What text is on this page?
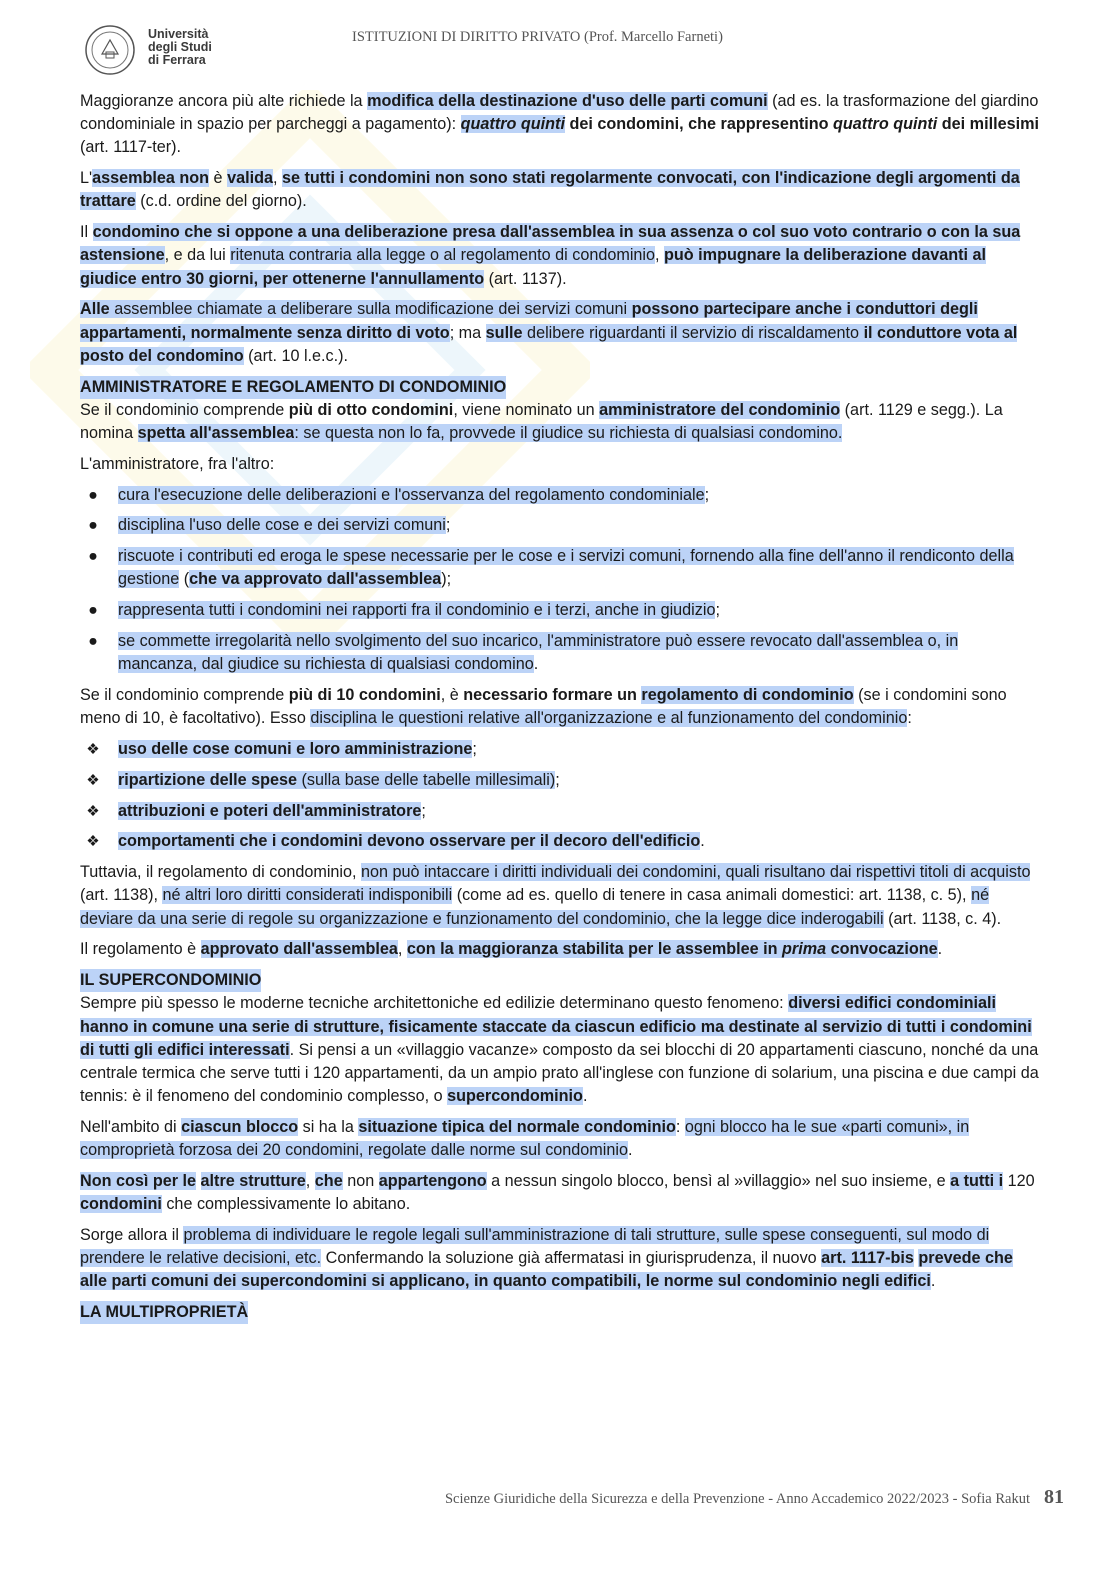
Università
degli Studi
di Ferrara
ISTITUZIONI DI DIRITTO PRIVATO (Prof. Marcello Farneti)

Maggioranze ancora più alte richiede la modifica della destinazione d'uso delle parti comuni (ad es. la trasformazione del giardino condominiale in spazio per parcheggi a pagamento): quattro quinti dei condomini, che rappresentino quattro quinti dei millesimi (art. 1117-ter).

L'assemblea non è valida, se tutti i condomini non sono stati regolarmente convocati, con l'indicazione degli argomenti da trattare (c.d. ordine del giorno).

Il condomino che si oppone a una deliberazione presa dall'assemblea in sua assenza o col suo voto contrario o con la sua astensione, e da lui ritenuta contraria alla legge o al regolamento di condominio, può impugnare la deliberazione davanti al giudice entro 30 giorni, per ottenerne l'annullamento (art. 1137).

Alle assemblee chiamate a deliberare sulla modificazione dei servizi comuni possono partecipare anche i conduttori degli appartamenti, normalmente senza diritto di voto; ma sulle delibere riguardanti il servizio di riscaldamento il conduttore vota al posto del condomino (art. 10 l.e.c.).

AMMINISTRATORE E REGOLAMENTO DI CONDOMINIO

Se il condominio comprende più di otto condomini, viene nominato un amministratore del condominio (art. 1129 e segg.). La nomina spetta all'assemblea: se questa non lo fa, provvede il giudice su richiesta di qualsiasi condomino.

L'amministratore, fra l'altro:

● cura l'esecuzione delle deliberazioni e l'osservanza del regolamento condominiale;
● disciplina l'uso delle cose e dei servizi comuni;
● riscuote i contributi ed eroga le spese necessarie per le cose e i servizi comuni, fornendo alla fine dell'anno il rendiconto della gestione (che va approvato dall'assemblea);
● rappresenta tutti i condomini nei rapporti fra il condominio e i terzi, anche in giudizio;
● se commette irregolarità nello svolgimento del suo incarico, l'amministratore può essere revocato dall'assemblea o, in mancanza, dal giudice su richiesta di qualsiasi condomino.

Se il condominio comprende più di 10 condomini, è necessario formare un regolamento di condominio (se i condomini sono meno di 10, è facoltativo). Esso disciplina le questioni relative all'organizzazione e al funzionamento del condominio:

❖ uso delle cose comuni e loro amministrazione;
❖ ripartizione delle spese (sulla base delle tabelle millesimali);
❖ attribuzioni e poteri dell'amministratore;
❖ comportamenti che i condomini devono osservare per il decoro dell'edificio.

Tuttavia, il regolamento di condominio, non può intaccare i diritti individuali dei condomini, quali risultano dai rispettivi titoli di acquisto (art. 1138), né altri loro diritti considerati indisponibili (come ad es. quello di tenere in casa animali domestici: art. 1138, c. 5), né deviare da una serie di regole su organizzazione e funzionamento del condominio, che la legge dice inderogabili (art. 1138, c. 4).

Il regolamento è approvato dall'assemblea, con la maggioranza stabilita per le assemblee in prima convocazione.

IL SUPERCONDOMINIO

Sempre più spesso le moderne tecniche architettoniche ed edilizie determinano questo fenomeno: diversi edifici condominiali hanno in comune una serie di strutture, fisicamente staccate da ciascun edificio ma destinate al servizio di tutti i condomini di tutti gli edifici interessati. Si pensi a un «villaggio vacanze» composto da sei blocchi di 20 appartamenti ciascuno, nonché da una centrale termica che serve tutti i 120 appartamenti, da un ampio prato all'inglese con funzione di solarium, una piscina e due campi da tennis: è il fenomeno del condominio complesso, o supercondominio.

Nell'ambito di ciascun blocco si ha la situazione tipica del normale condominio: ogni blocco ha le sue «parti comuni», in comproprietà forzosa dei 20 condomini, regolate dalle norme sul condominio.

Non così per le altre strutture, che non appartengono a nessun singolo blocco, bensì al »villaggio» nel suo insieme, e a tutti i 120 condomini che complessivamente lo abitano.

Sorge allora il problema di individuare le regole legali sull'amministrazione di tali strutture, sulle spese conseguenti, sul modo di prendere le relative decisioni, etc. Confermando la soluzione già affermatasi in giurisprudenza, il nuovo art. 1117-bis prevede che alle parti comuni dei supercondomini si applicano, in quanto compatibili, le norme sul condominio negli edifici.

LA MULTIPROPRIETÀ
Scienze Giuridiche della Sicurezza e della Prevenzione - Anno Accademico 2022/2023 - Sofia Rakut 81
